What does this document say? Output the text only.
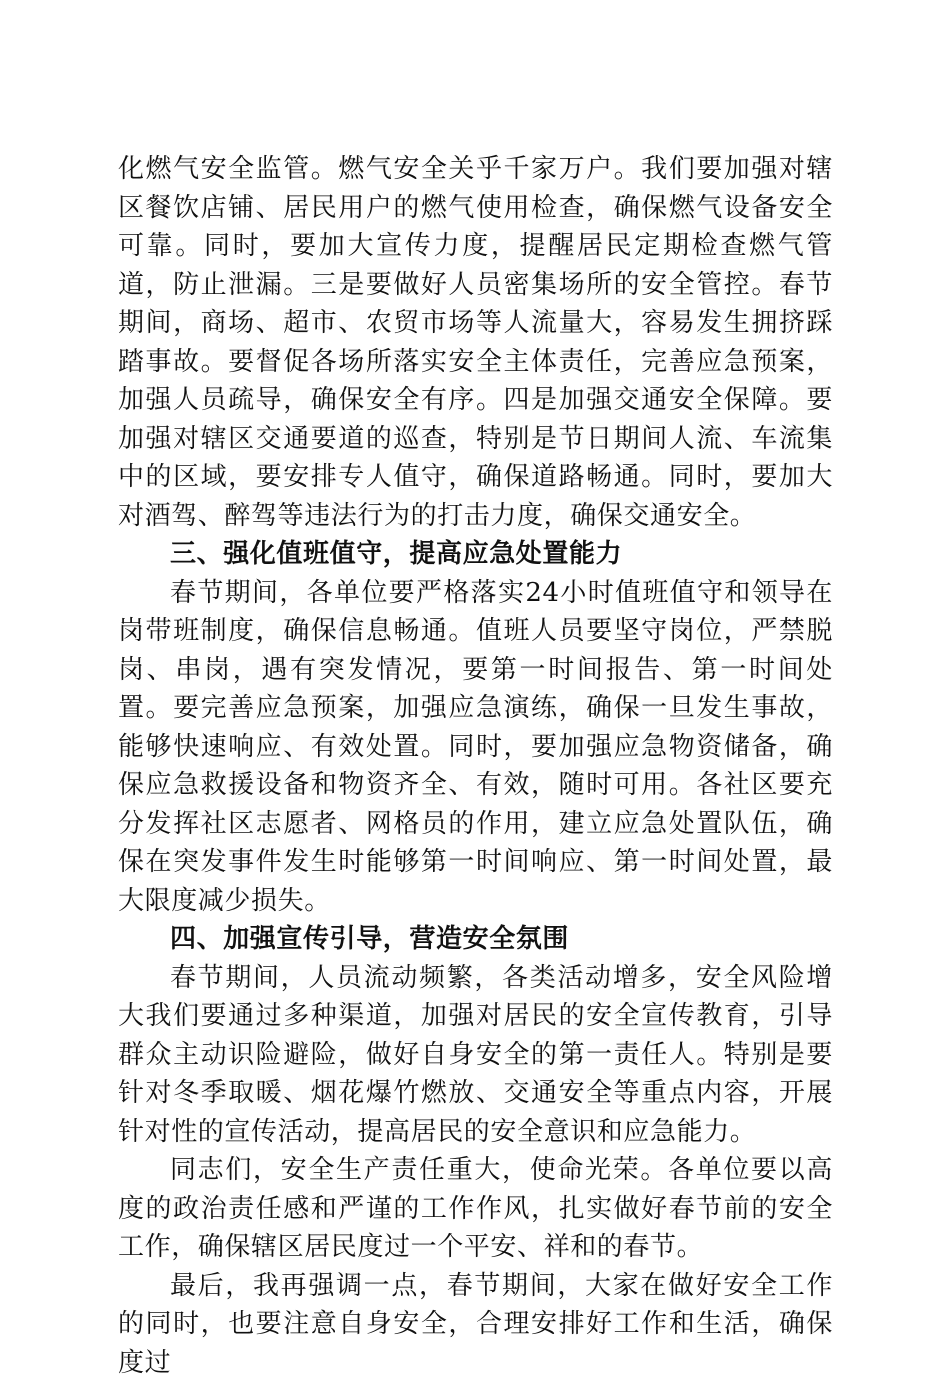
化燃气安全监管。燃气安全关乎千家万户。我们要加强对辖区餐饮店铺、居民用户的燃气使用检查，确保燃气设备安全可靠。同时，要加大宣传力度，提醒居民定期检查燃气管道，防止泄漏。三是要做好人员密集场所的安全管控。春节期间，商场、超市、农贸市场等人流量大，容易发生拥挤踩踏事故。要督促各场所落实安全主体责任，完善应急预案，加强人员疏导，确保安全有序。四是加强交通安全保障。要加强对辖区交通要道的巡查，特别是节日期间人流、车流集中的区域，要安排专人值守，确保道路畅通。同时，要加大对酒驾、醉驾等违法行为的打击力度，确保交通安全。

三、强化值班值守，提高应急处置能力

春节期间，各单位要严格落实24小时值班值守和领导在岗带班制度，确保信息畅通。值班人员要坚守岗位，严禁脱岗、串岗，遇有突发情况，要第一时间报告、第一时间处置。要完善应急预案，加强应急演练，确保一旦发生事故，能够快速响应、有效处置。同时，要加强应急物资储备，确保应急救援设备和物资齐全、有效，随时可用。各社区要充分发挥社区志愿者、网格员的作用，建立应急处置队伍，确保在突发事件发生时能够第一时间响应、第一时间处置，最大限度减少损失。

四、加强宣传引导，营造安全氛围

春节期间，人员流动频繁，各类活动增多，安全风险增大我们要通过多种渠道，加强对居民的安全宣传教育，引导群众主动识险避险，做好自身安全的第一责任人。特别是要针对冬季取暖、烟花爆竹燃放、交通安全等重点内容，开展针对性的宣传活动，提高居民的安全意识和应急能力。

同志们，安全生产责任重大，使命光荣。各单位要以高度的政治责任感和严谨的工作作风，扎实做好春节前的安全工作，确保辖区居民度过一个平安、祥和的春节。

最后，我再强调一点，春节期间，大家在做好安全工作的同时，也要注意自身安全，合理安排好工作和生活，确保度过
